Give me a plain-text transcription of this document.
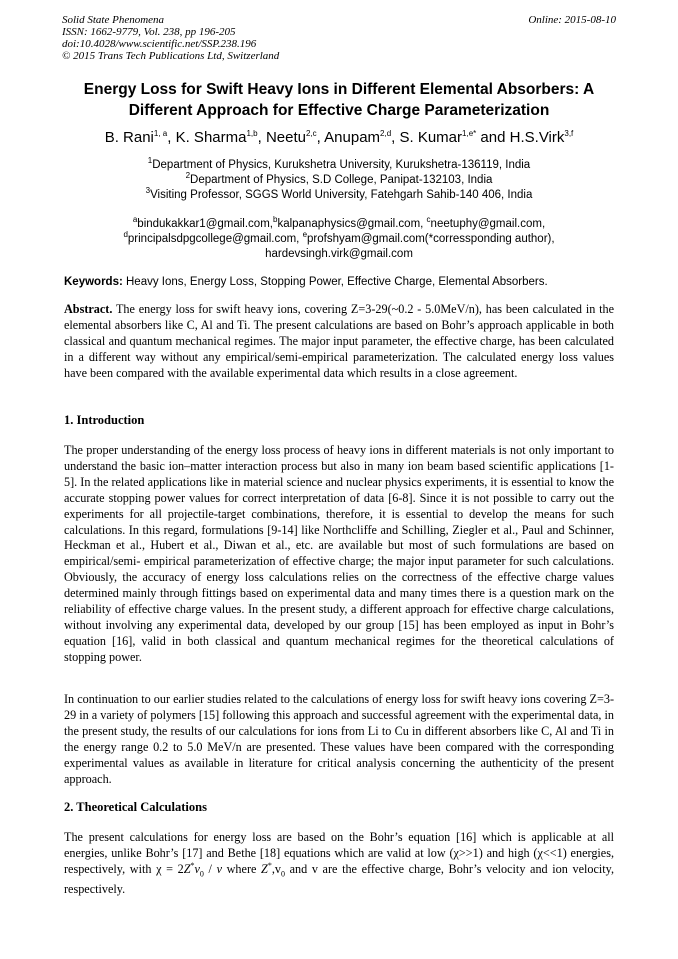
Solid State Phenomena
ISSN: 1662-9779, Vol. 238, pp 196-205
doi:10.4028/www.scientific.net/SSP.238.196
© 2015 Trans Tech Publications Ltd, Switzerland
Online: 2015-08-10
Energy Loss for Swift Heavy Ions in Different Elemental Absorbers: A
Different Approach for Effective Charge Parameterization
B. Rani$^{1, a}$, K. Sharma$^{1,b}$, Neetu$^{2,c}$, Anupam$^{2,d}$, S. Kumar$^{1,e*}$ and H.S.Virk$^{3,f}$
$^1$Department of Physics, Kurukshetra University, Kurukshetra-136119, India
$^2$Department of Physics, S.D College, Panipat-132103, India
$^3$Visiting Professor, SGGS World University, Fatehgarh Sahib-140 406, India
$^a$bindukakkar1@gmail.com,$^b$kalpanaphysics@gmail.com, $^c$neetuphy@gmail.com,
$^d$principalsdpgcollege@gmail.com, $^e$profshyam@gmail.com(*corressponding author),
hardevsingh.virk@gmail.com
Keywords: Heavy Ions, Energy Loss, Stopping Power, Effective Charge, Elemental Absorbers.
Abstract. The energy loss for swift heavy ions, covering Z=3-29(~0.2 - 5.0MeV/n), has been calculated in the elemental absorbers like C, Al and Ti. The present calculations are based on Bohr’s approach applicable in both classical and quantum mechanical regimes. The major input parameter, the effective charge, has been calculated in a different way without any empirical/semi-empirical parameterization. The calculated energy loss values have been compared with the available experimental data which results in a close agreement.
1. Introduction
The proper understanding of the energy loss process of heavy ions in different materials is not only important to understand the basic ion–matter interaction process but also in many ion beam based scientific applications [1-5]. In the related applications like in material science and nuclear physics experiments, it is essential to know the accurate stopping power values for correct interpretation of data [6-8]. Since it is not possible to carry out the experiments for all projectile-target combinations, therefore, it is essential to develop the means for such calculations. In this regard, formulations [9-14] like Northcliffe and Schilling, Ziegler et al., Paul and Schinner, Heckman et al., Hubert et al., Diwan et al., etc. are available but most of such formulations are based on empirical/semi- empirical parameterization of effective charge; the major input parameter for such calculations. Obviously, the accuracy of energy loss calculations relies on the correctness of the effective charge values determined mainly through fittings based on experimental data and many times there is a question mark on the reliability of effective charge values. In the present study, a different approach for effective charge calculations, without involving any experimental data, developed by our group [15] has been employed as input in Bohr’s equation [16], valid in both classical and quantum mechanical regimes for the theoretical calculations of stopping power.
In continuation to our earlier studies related to the calculations of energy loss for swift heavy ions covering Z=3-29 in a variety of polymers [15] following this approach and successful agreement with the experimental data, in the present study, the results of our calculations for ions from Li to Cu in different absorbers like C, Al and Ti in the energy range 0.2 to 5.0 MeV/n are presented. These values have been compared with the corresponding experimental values as available in literature for critical analysis concerning the authenticity of the present approach.
2. Theoretical Calculations
The present calculations for energy loss are based on the Bohr’s equation [16] which is applicable at all energies, unlike Bohr’s [17] and Bethe [18] equations which are valid at low (χ>>1) and high (χ<<1) energies, respectively, with $\chi = 2Z^*v_0 / v$ where $Z^*,v_0$ and v are the effective charge, Bohr’s velocity and ion velocity, respectively.
